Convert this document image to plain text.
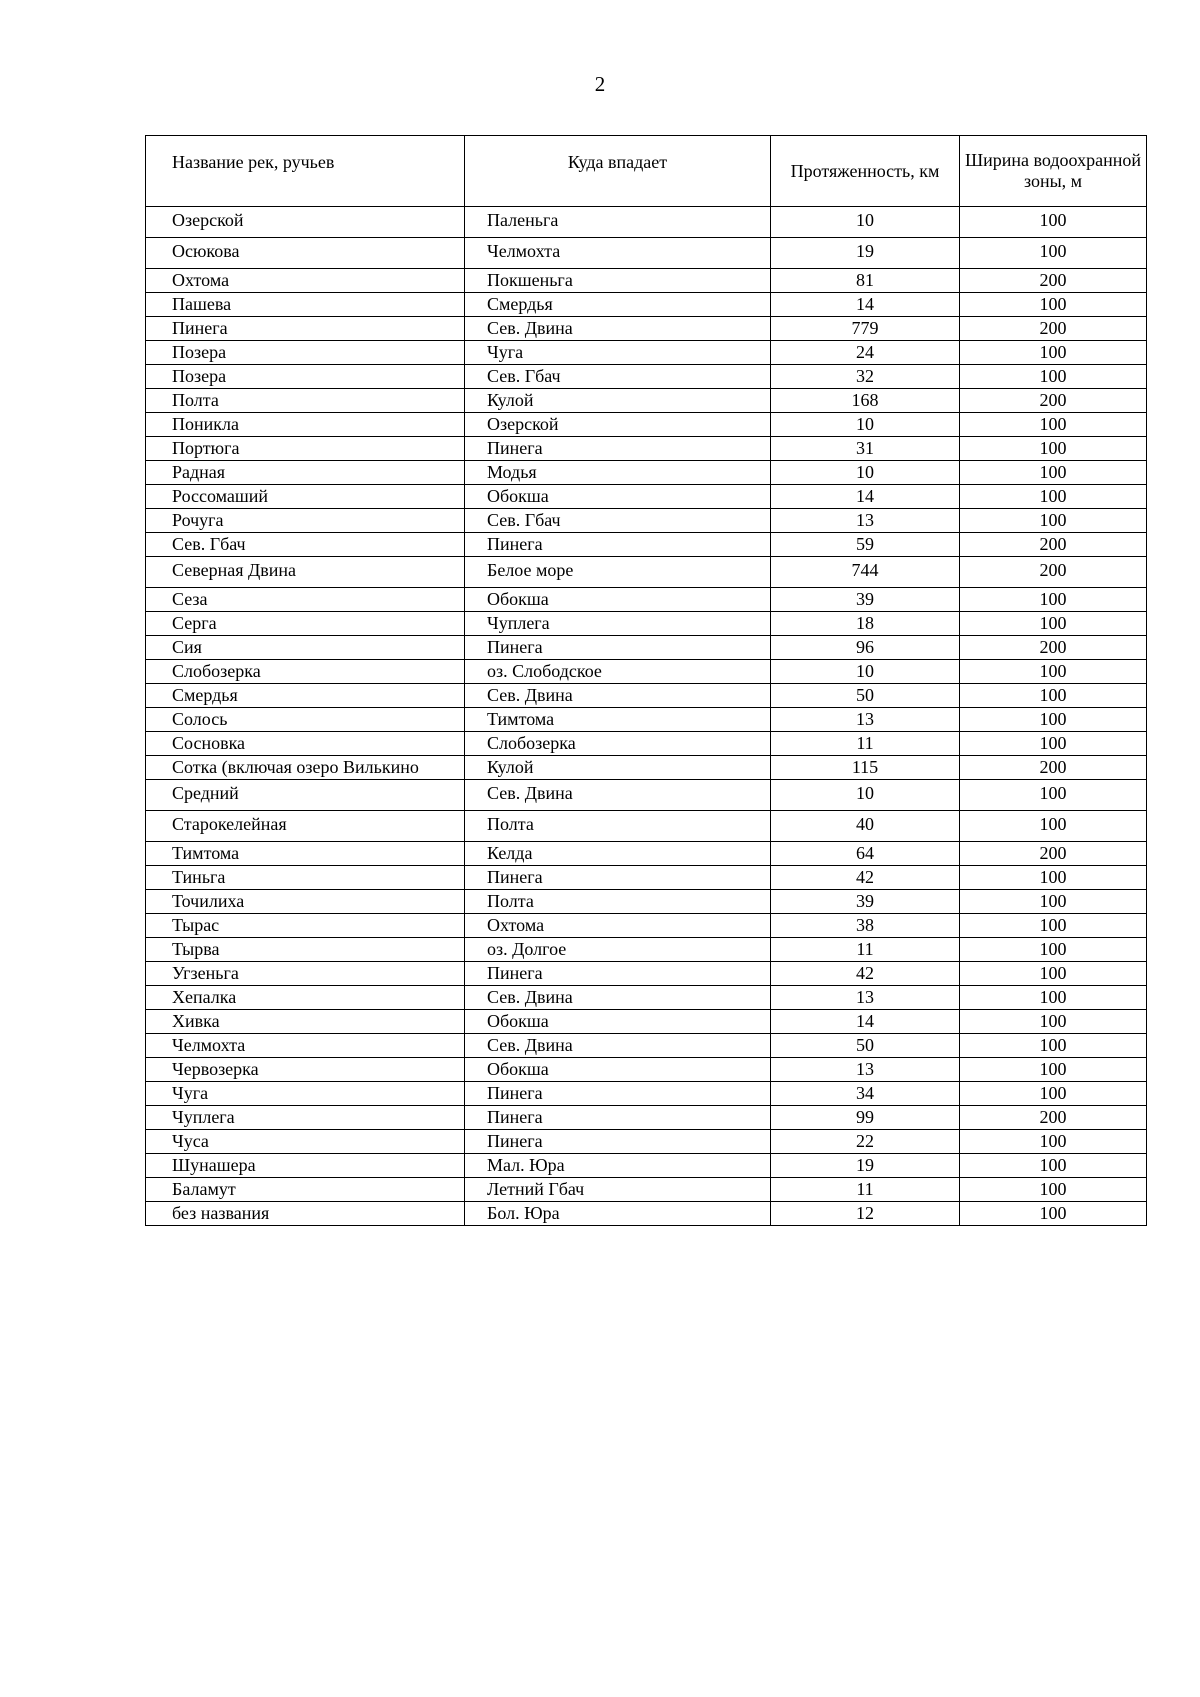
2
Название рек, ручьев	Куда впадает	Протяженность, км	Ширина водоохранной зоны, м
Озерской	Паленьга	10	100
Осюкова	Челмохта	19	100
Охтома	Покшеньга	81	200
Пашева	Смердья	14	100
Пинега	Сев. Двина	779	200
Позера	Чуга	24	100
Позера	Сев. Гбач	32	100
Полта	Кулой	168	200
Поникла	Озерской	10	100
Портюга	Пинега	31	100
Радная	Модья	10	100
Россомаший	Обокша	14	100
Рочуга	Сев. Гбач	13	100
Сев. Гбач	Пинега	59	200
Северная Двина	Белое море	744	200
Сеза	Обокша	39	100
Серга	Чуплега	18	100
Сия	Пинега	96	200
Слобозерка	оз. Слободское	10	100
Смердья	Сев. Двина	50	100
Солось	Тимтома	13	100
Сосновка	Слобозерка	11	100
Сотка (включая озеро Вилькино	Кулой	115	200
Средний	Сев. Двина	10	100
Старокелейная	Полта	40	100
Тимтома	Келда	64	200
Тиньга	Пинега	42	100
Точилиха	Полта	39	100
Тырас	Охтома	38	100
Тырва	оз. Долгое	11	100
Угзеньга	Пинега	42	100
Хепалка	Сев. Двина	13	100
Хивка	Обокша	14	100
Челмохта	Сев. Двина	50	100
Червозерка	Обокша	13	100
Чуга	Пинега	34	100
Чуплега	Пинега	99	200
Чуса	Пинега	22	100
Шунашера	Мал. Юра	19	100
Баламут	Летний Гбач	11	100
без названия	Бол. Юра	12	100
